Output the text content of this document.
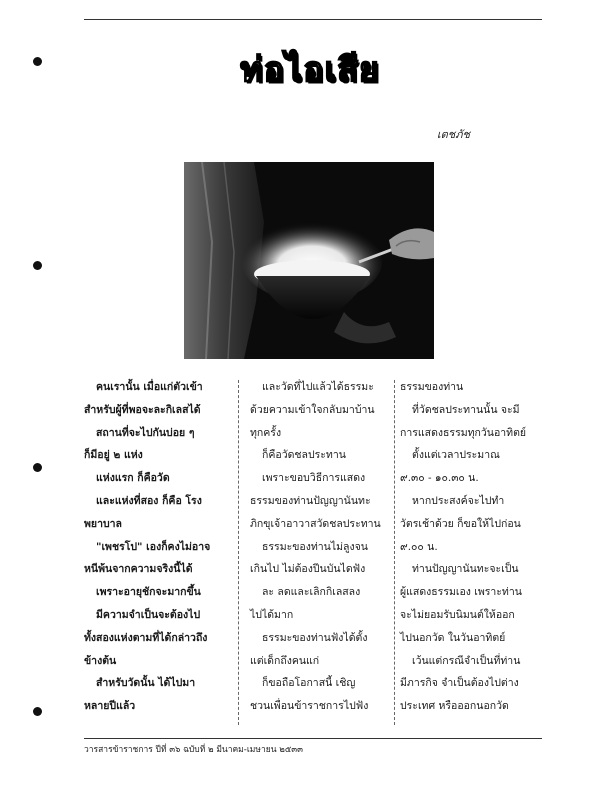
ท่อไอเสีย
เตชภัช

คนเรานั้น เมื่อแก่ตัวเข้า

สำหรับผู้ที่พอจะละกิเลสได้

สถานที่จะไปกันบ่อย ๆ

ก็มีอยู่ ๒ แห่ง

แห่งแรก ก็คือวัด

และแห่งที่สอง ก็คือ โรง

พยาบาล

"เพชรโป" เองก็คงไม่อาจ

หนีพ้นจากความจริงนี้ได้

เพราะอายุชักจะมากขึ้น

มีความจำเป็นจะต้องไป

ทั้งสองแห่งตามที่ได้กล่าวถึง

ข้างต้น

สำหรับวัดนั้น ได้ไปมา

หลายปีแล้ว

และวัดที่ไปแล้วได้ธรรมะ

ด้วยความเข้าใจกลับมาบ้าน

ทุกครั้ง

ก็คือวัดชลประทาน

เพราะขอบวิธีการแสดง

ธรรมของท่านปัญญานันทะ

ภิกขุเจ้าอาวาสวัดชลประทาน

ธรรมะของท่านไม่ลูงจน

เกินไป ไม่ต้องปีนบันไดฟัง

ละ ลดและเลิกกิเลสลง

ไปได้มาก

ธรรมะของท่านฟังได้ตั้ง

แต่เด็กถึงคนแก่

ก็ขอถือโอกาสนี้ เชิญ

ชวนเพื่อนข้าราชการไปฟัง

ธรรมของท่าน

ที่วัดชลประทานนั้น จะมี

การแสดงธรรมทุกวันอาทิตย์

ตั้งแต่เวลาประมาณ

๙.๓๐ - ๑๐.๓๐ น.

หากประสงค์จะไปทำ

วัตรเช้าด้วย ก็ขอให้ไปก่อน

๙.๐๐ น.

ท่านปัญญานันทะจะเป็น

ผู้แสดงธรรมเอง เพราะท่าน

จะไม่ยอมรับนิมนต์ให้ออก

ไปนอกวัด ในวันอาทิตย์

เว้นแต่กรณีจำเป็นที่ท่าน

มีภารกิจ จำเป็นต้องไปต่าง

ประเทศ หรือออกนอกวัด

วารสารข้าราชการ ปีที่ ๓๖ ฉบับที่ ๒ มีนาคม-เมษายน ๒๕๓๓
